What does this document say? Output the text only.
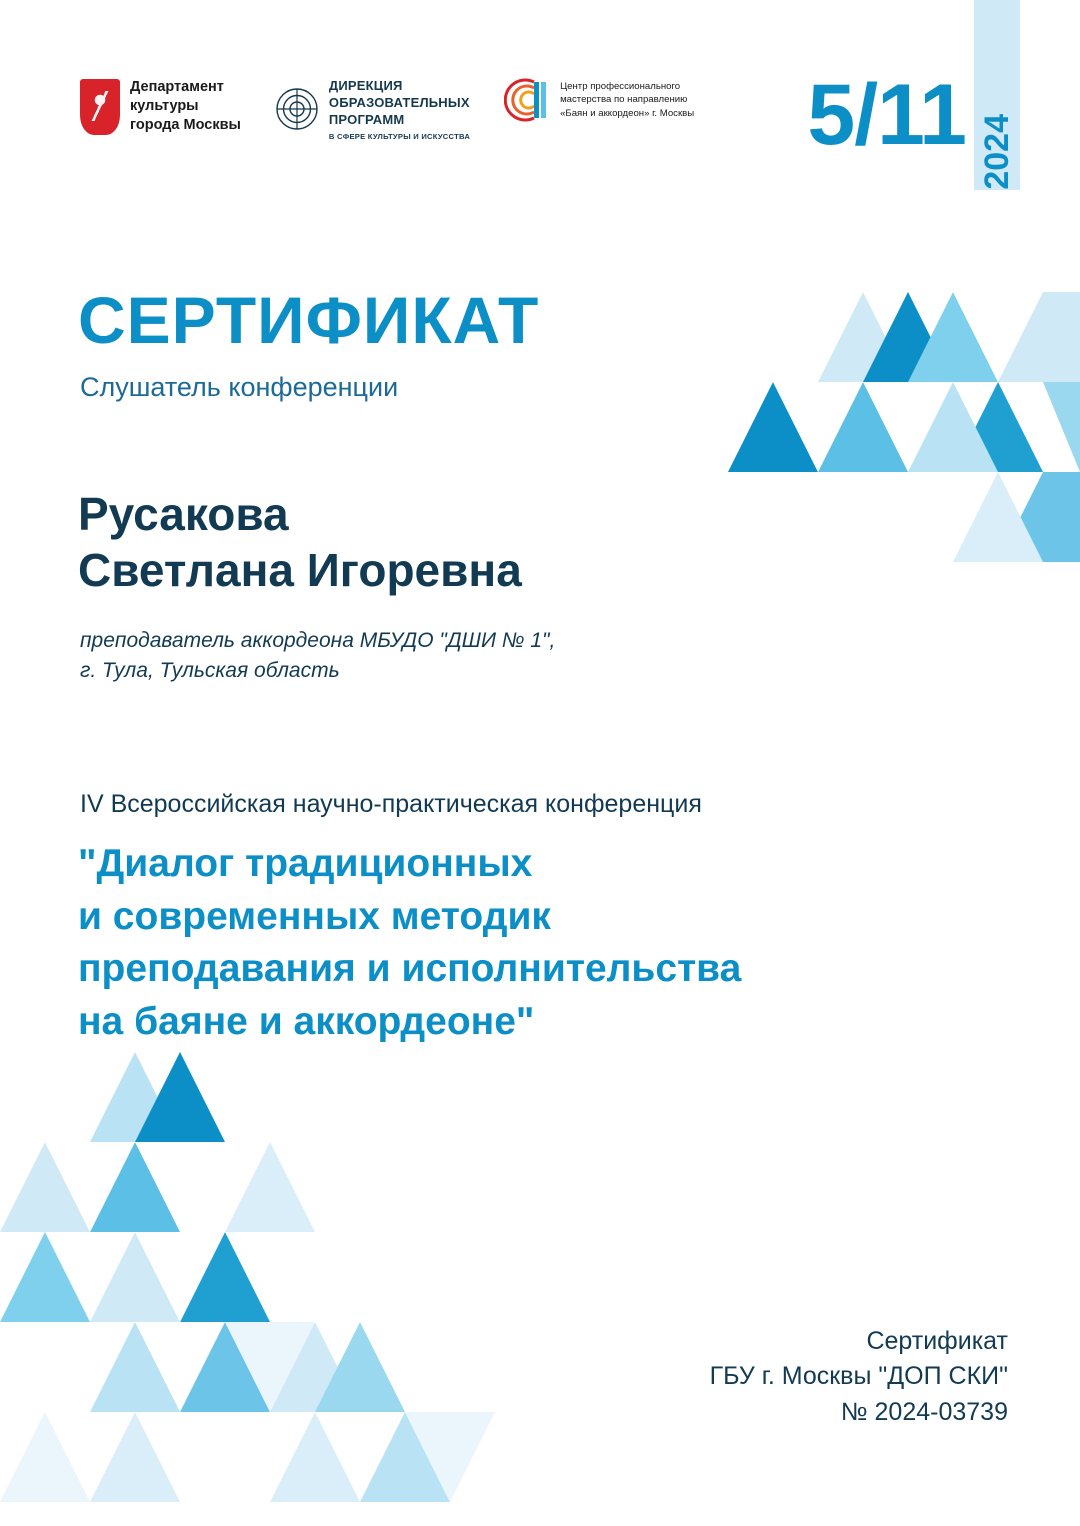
Департамент
культуры
города Москвы
ДИРЕКЦИЯ
ОБРАЗОВАТЕЛЬНЫХ
ПРОГРАММ
В СФЕРЕ КУЛЬТУРЫ И ИСКУССТВА
Центр профессионального
мастерства по направлению
«Баян и аккордеон» г. Москвы 5/11 2024
СЕРТИФИКАТ
Слушатель конференции
Русакова
Светлана Игоревна
преподаватель аккордеона МБУДО "ДШИ № 1",
г. Тула, Тульская область
IV Всероссийская научно-практическая конференция
"Диалог традиционных
и современных методик
преподавания и исполнительства
на баяне и аккордеоне"
Сертификат
ГБУ г. Москвы "ДОП СКИ"
№ 2024-03739
